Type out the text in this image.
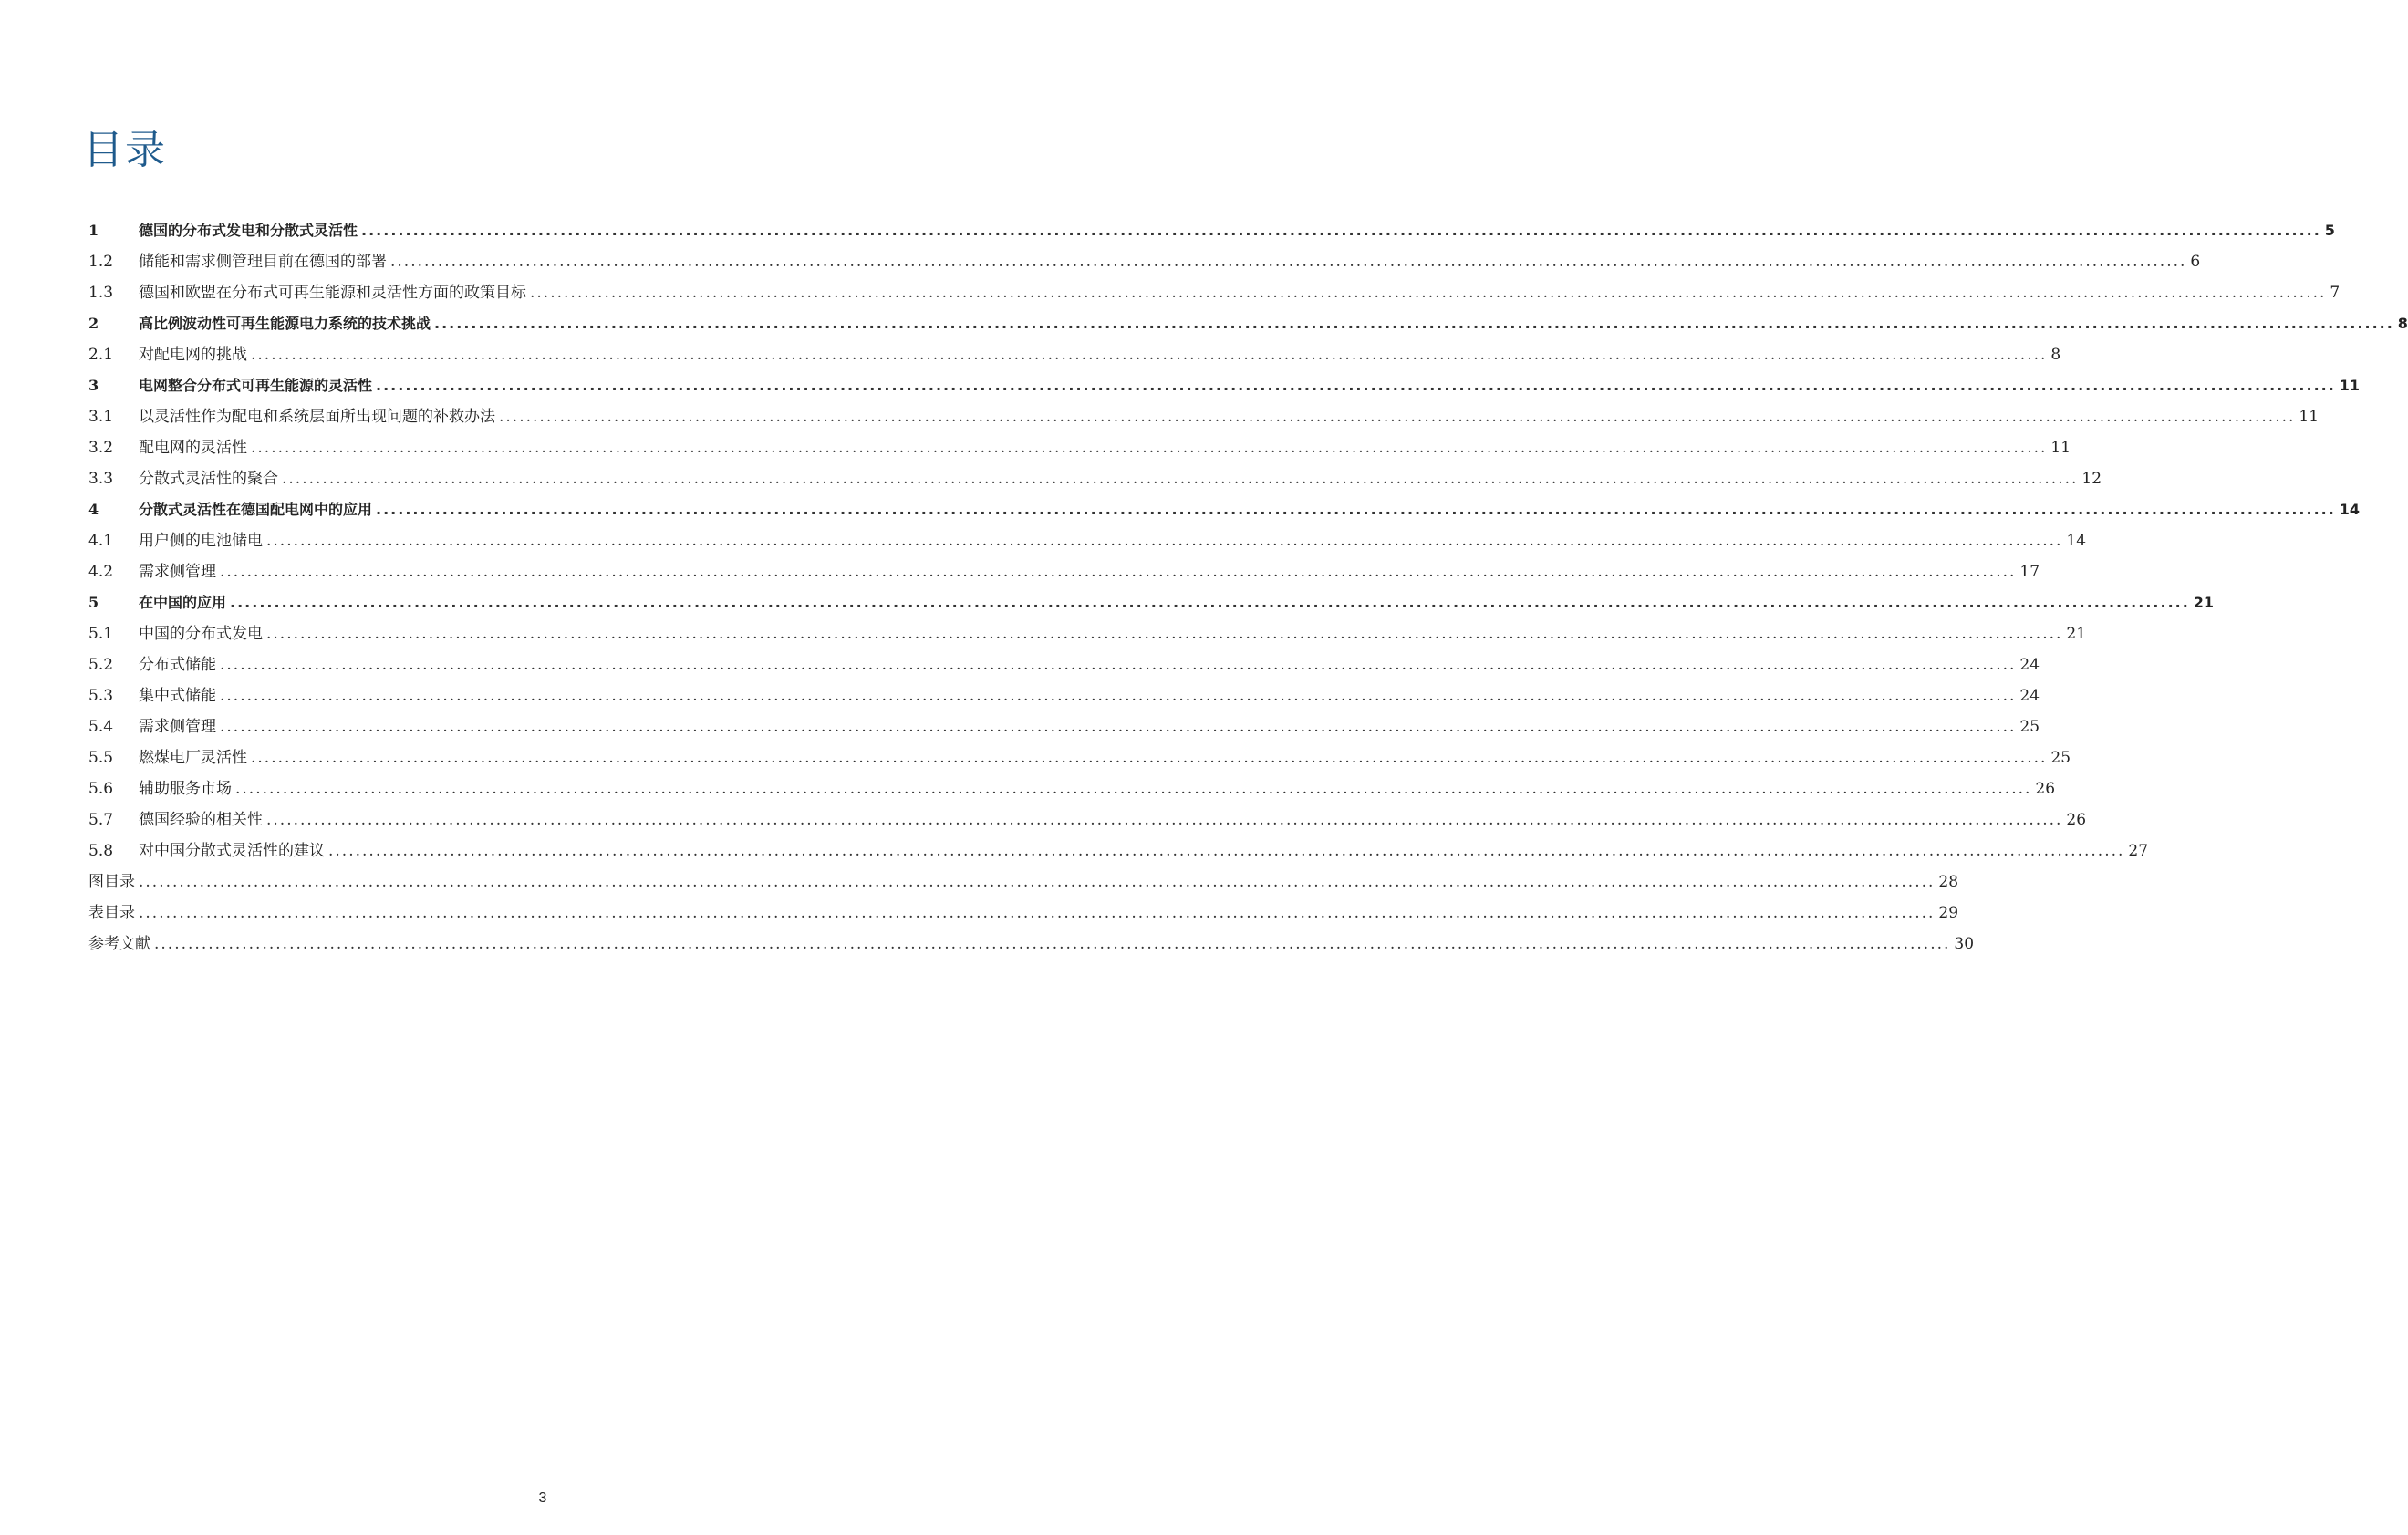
目录
1	德国的分布式发电和分散式灵活性 .......................................................................................................................................................................................................................................................................... 5
1.2	储能和需求侧管理目前在德国的部署 .......................................................................................................................................................................................................................................................................... 6
1.3	德国和欧盟在分布式可再生能源和灵活性方面的政策目标 .......................................................................................................................................................................................................................................................................... 7
2	高比例波动性可再生能源电力系统的技术挑战 .......................................................................................................................................................................................................................................................................... 8
2.1	对配电网的挑战 .......................................................................................................................................................................................................................................................................... 8
3	电网整合分布式可再生能源的灵活性 .......................................................................................................................................................................................................................................................................... 11
3.1	以灵活性作为配电和系统层面所出现问题的补救办法 .......................................................................................................................................................................................................................................................................... 11
3.2	配电网的灵活性 .......................................................................................................................................................................................................................................................................... 11
3.3	分散式灵活性的聚合 .......................................................................................................................................................................................................................................................................... 12
4	分散式灵活性在德国配电网中的应用 .......................................................................................................................................................................................................................................................................... 14
4.1	用户侧的电池储电 .......................................................................................................................................................................................................................................................................... 14
4.2	需求侧管理 .......................................................................................................................................................................................................................................................................... 17
5	在中国的应用 .......................................................................................................................................................................................................................................................................... 21
5.1	中国的分布式发电 .......................................................................................................................................................................................................................................................................... 21
5.2	分布式储能 .......................................................................................................................................................................................................................................................................... 24
5.3	集中式储能 .......................................................................................................................................................................................................................................................................... 24
5.4	需求侧管理 .......................................................................................................................................................................................................................................................................... 25
5.5	燃煤电厂灵活性 .......................................................................................................................................................................................................................................................................... 25
5.6	辅助服务市场 .......................................................................................................................................................................................................................................................................... 26
5.7	德国经验的相关性 .......................................................................................................................................................................................................................................................................... 26
5.8	对中国分散式灵活性的建议 .......................................................................................................................................................................................................................................................................... 27
图目录 .......................................................................................................................................................................................................................................................................... 28
表目录 .......................................................................................................................................................................................................................................................................... 29
参考文献 .......................................................................................................................................................................................................................................................................... 30
3
